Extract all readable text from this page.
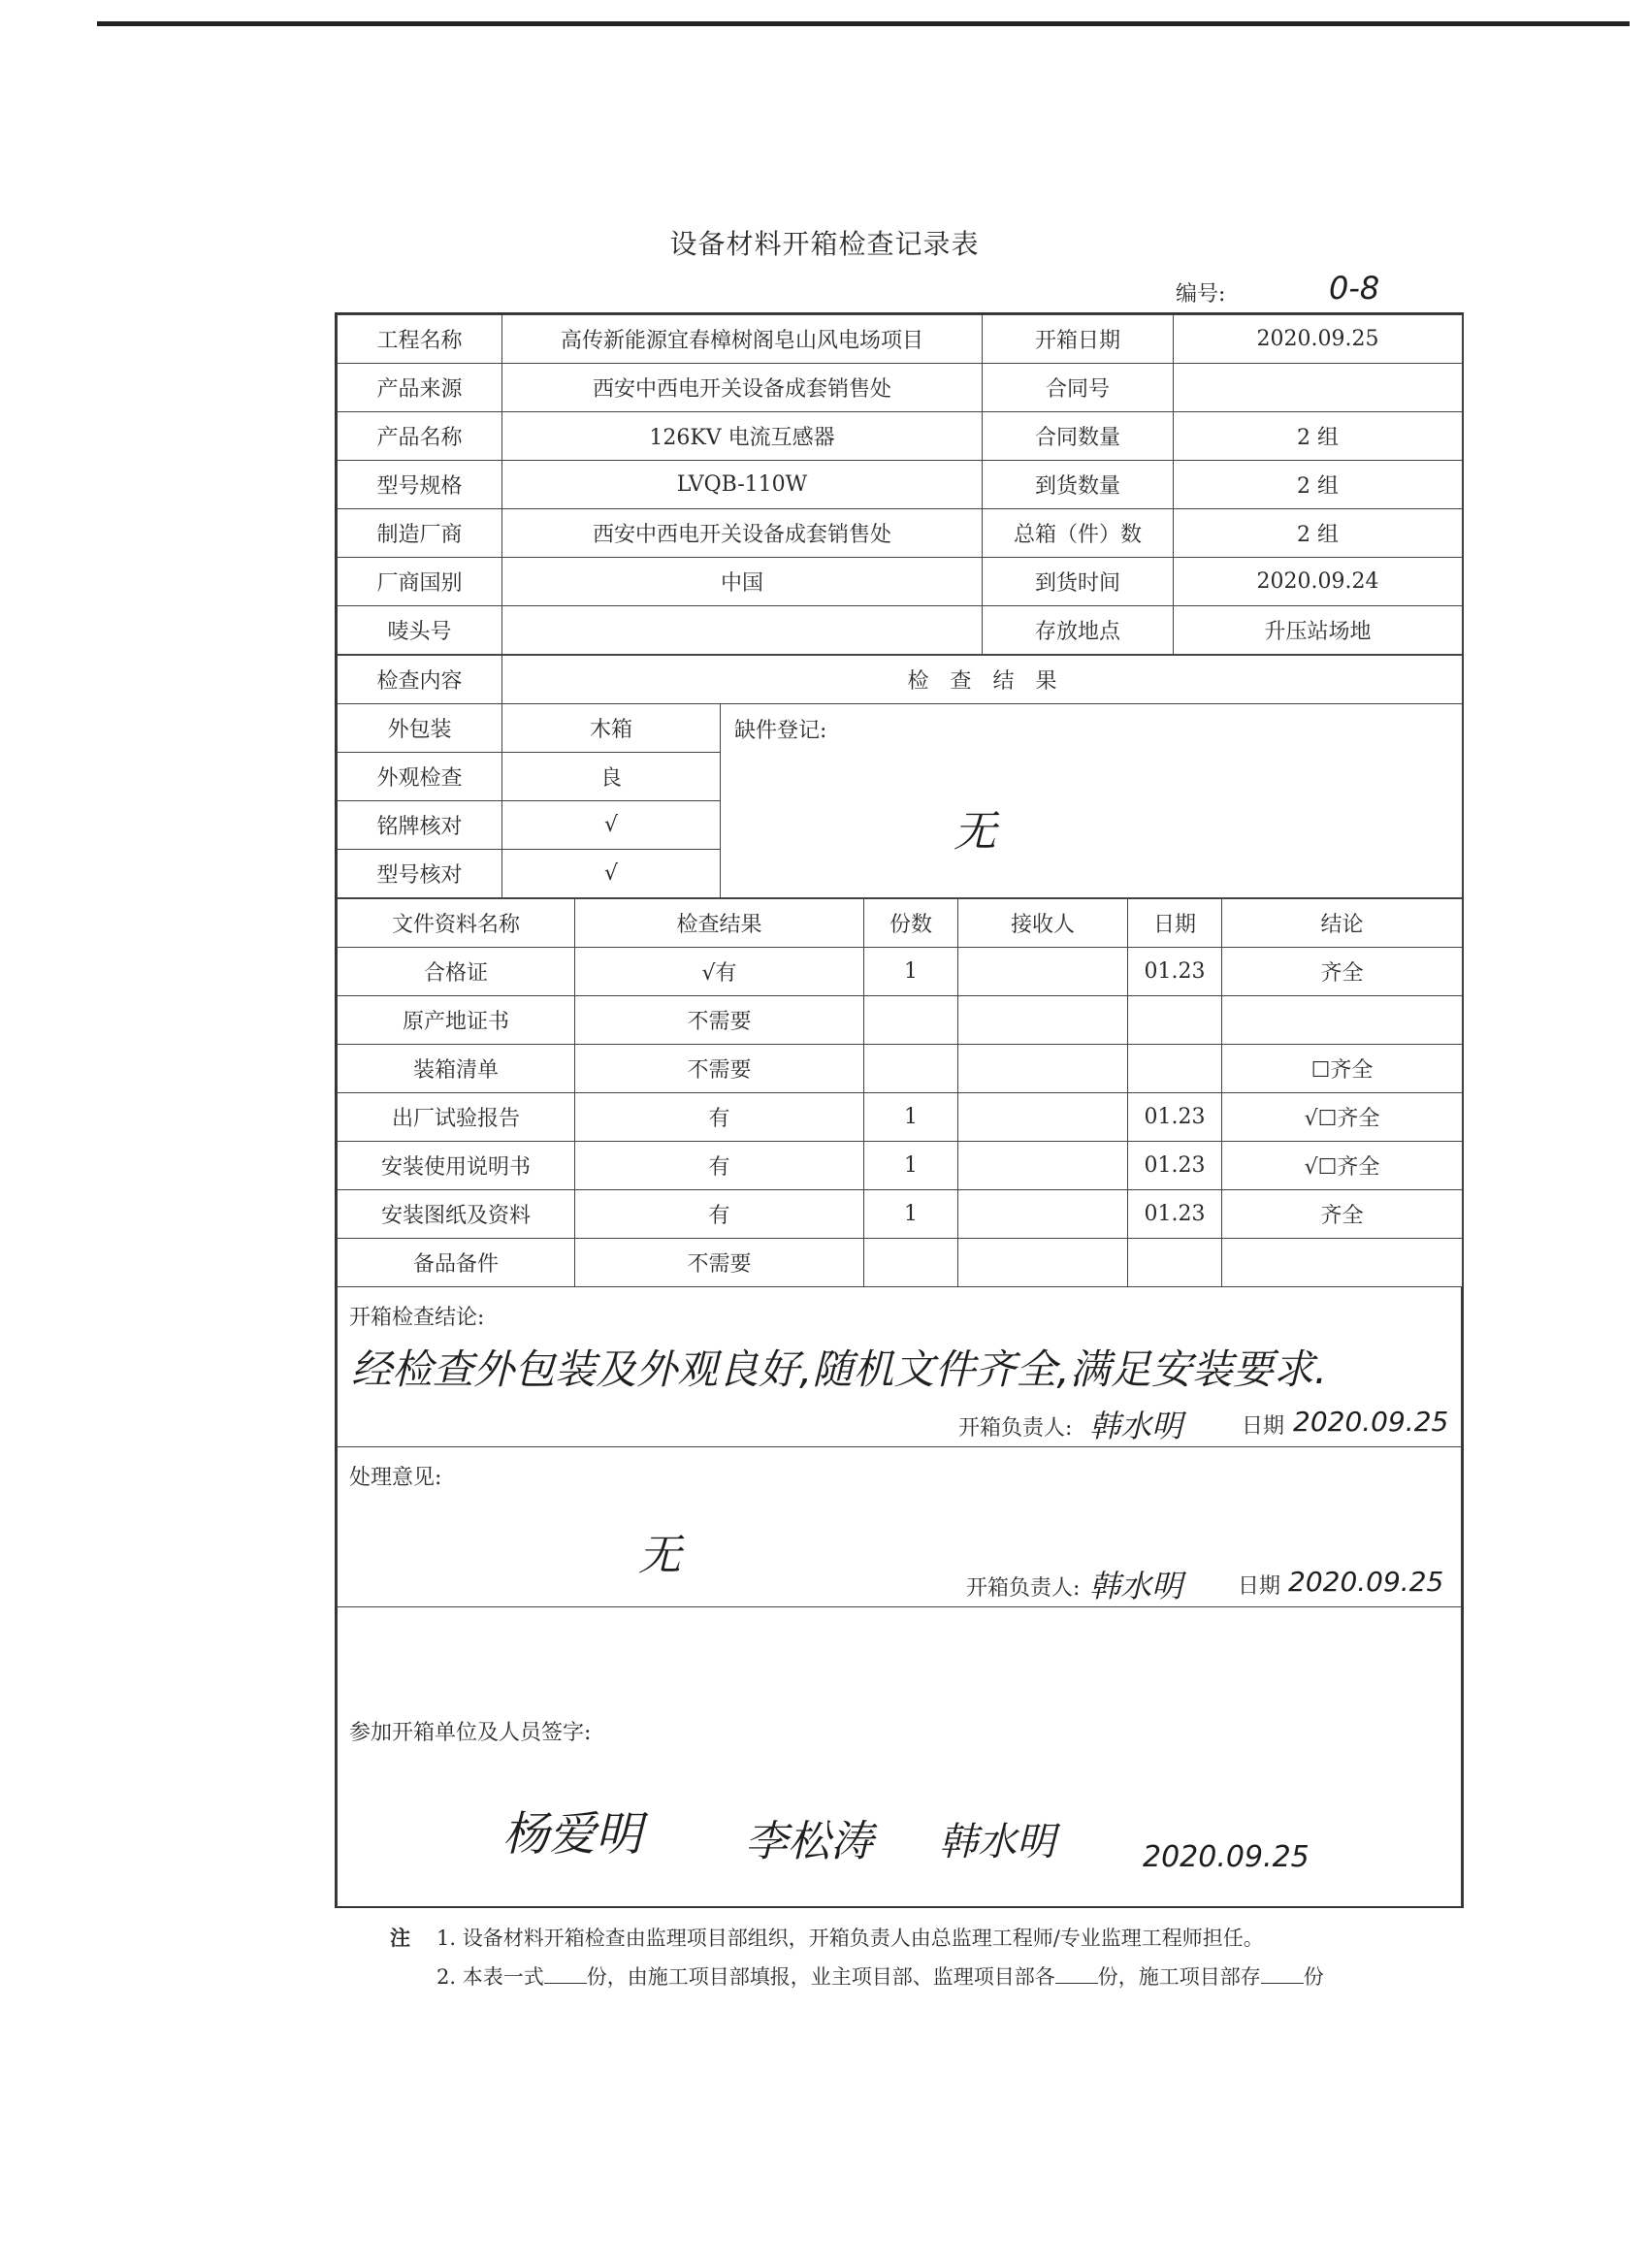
设备材料开箱检查记录表
编号:	0-8
工程名称	高传新能源宜春樟树阁皂山风电场项目	开箱日期	2020.09.25
产品来源	西安中西电开关设备成套销售处	合同号	
产品名称	126KV 电流互感器	合同数量	2 组
型号规格	LVQB-110W	到货数量	2 组
制造厂商	西安中西电开关设备成套销售处	总箱（件）数	2 组
厂商国别	中国	到货时间	2020.09.24
唛头号		存放地点	升压站场地
检查内容	检　查　结　果	
外包装	木箱	缺件登记:
无

外观检查	良	
铭牌核对	√	
型号核对	√	
文件资料名称	检查结果	份数	接收人	日期	结论
合格证	√有	1		01.23	齐全
原产地证书	不需要				
装箱清单	不需要				☐齐全
出厂试验报告	有	1		01.23	√☐齐全
安装使用说明书	有	1		01.23	√☐齐全
安装图纸及资料	有	1		01.23	齐全
备品备件	不需要				
开箱检查结论:
经检查外包装及外观良好,随机文件齐全,满足安装要求.
开箱负责人: 韩水明	日期 2020.09.25
处理意见:
无
开箱负责人: 韩水明	日期 2020.09.25
参加开箱单位及人员签字:
杨爱明 李松涛 韩水明	2020.09.25
注 1. 设备材料开箱检查由监理项目部组织，开箱负责人由总监理工程师/专业监理工程师担任。
2. 本表一式 份，由施工项目部填报，业主项目部、监理项目部各 份，施工项目部存 份
